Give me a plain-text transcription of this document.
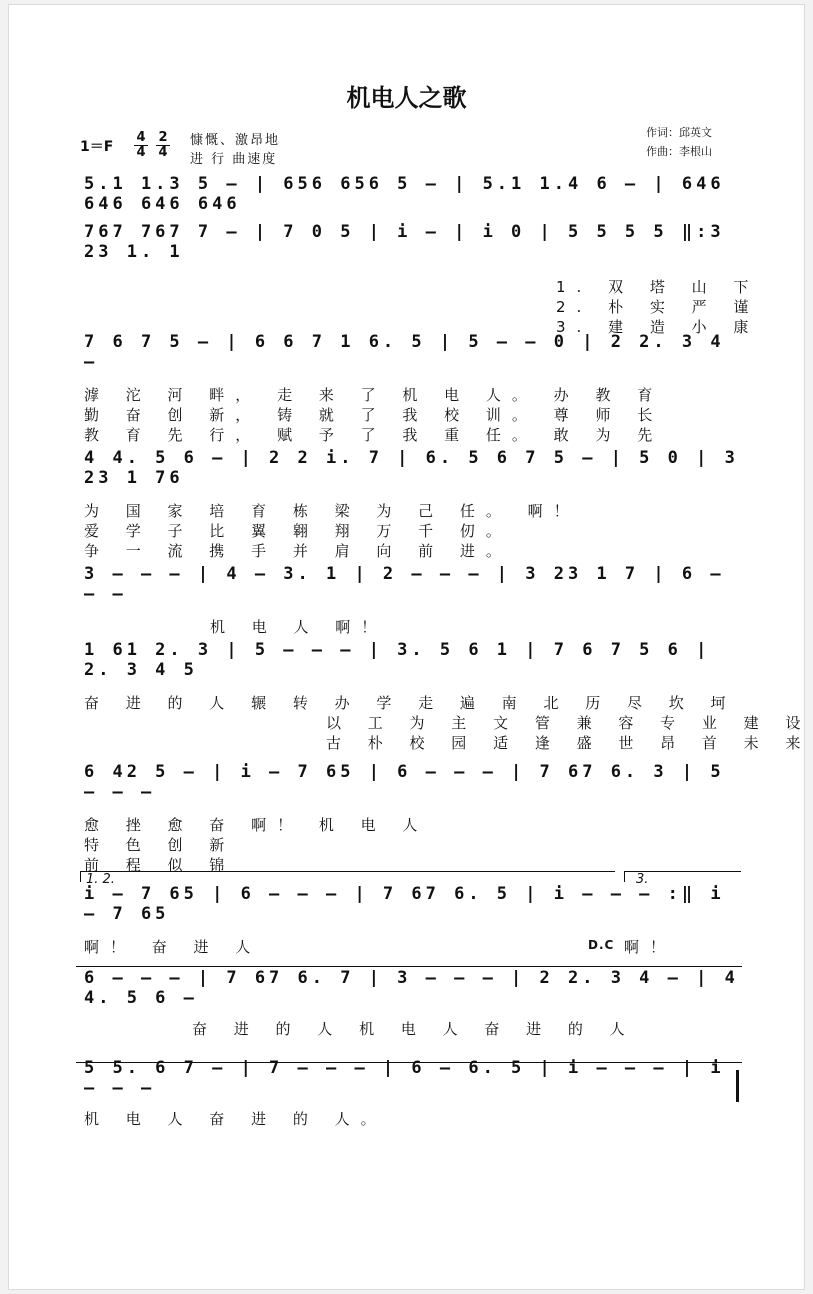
机电人之歌
$1=F \frac{4}{4} \frac{2}{4}$ 慷慨、激昂地
进 行 曲速度
作词：邱英文
作曲：李根山
5.1 1.3 5 – | 656 656 5 – | 5.1 1.4 6 – | 646 646 646 646
767 767 7 – | 7 0 5 | i – | i 0 | 5 5 5 5 ‖:3 23 1. 1
1. 双 塔 山 下
2. 朴 实 严 谨
3. 建 造 小 康
7 6 7 5 – | 6 6 7 1 6. 5 | 5 – – 0 | 2 2. 3 4 –
滹 沱 河 畔， 走 来 了 机 电 人。 办 教 育
勤 奋 创 新， 铸 就 了 我 校 训。 尊 师 长
教 育 先 行， 赋 予 了 我 重 任。 敢 为 先
4 4. 5 6 – | 2 2 i. 7 | 6. 5 6 7 5 – | 5 0 | 3 23 1 76
为 国 家 培 育 栋 梁 为 己 任。 啊！
爱 学 子 比 翼 翱 翔 万 千 仞。
争 一 流 携 手 并 肩 向 前 进。
3 – – – | 4 – 3. 1 | 2 – – – | 3 23 1 7 | 6 – – –
机 电 人 啊！
1 61 2. 3 | 5 – – – | 3. 5 6 1 | 7 6 7 5 6 | 2. 3 4 5
奋 进 的 人 辗 转 办 学 走 遍 南 北 历 尽 坎 坷
以 工 为 主 文 管 兼 容 专 业 建 设
古 朴 校 园 适 逢 盛 世 昂 首 未 来
6 42 5 – | i – 7 65 | 6 – – – | 7 67 6. 3 | 5 – – –
愈 挫 愈 奋 啊！ 机 电 人
特 色 创 新
前 程 似 锦
1. 2.	3.
i – 7 65 | 6 – – – | 7 67 6. 5 | i – – – :‖ i – 7 65
啊！ 奋 进 人	D.C 啊！
6 – – – | 7 67 6. 7 | 3 – – – | 2 2. 3 4 – | 4 4. 5 6 –
奋 进 的 人 机 电 人 奋 进 的 人
5 5. 6 7 – | 7 – – – | 6 – 6. 5 | i – – – | i – – –
机 电 人 奋 进 的 人。
